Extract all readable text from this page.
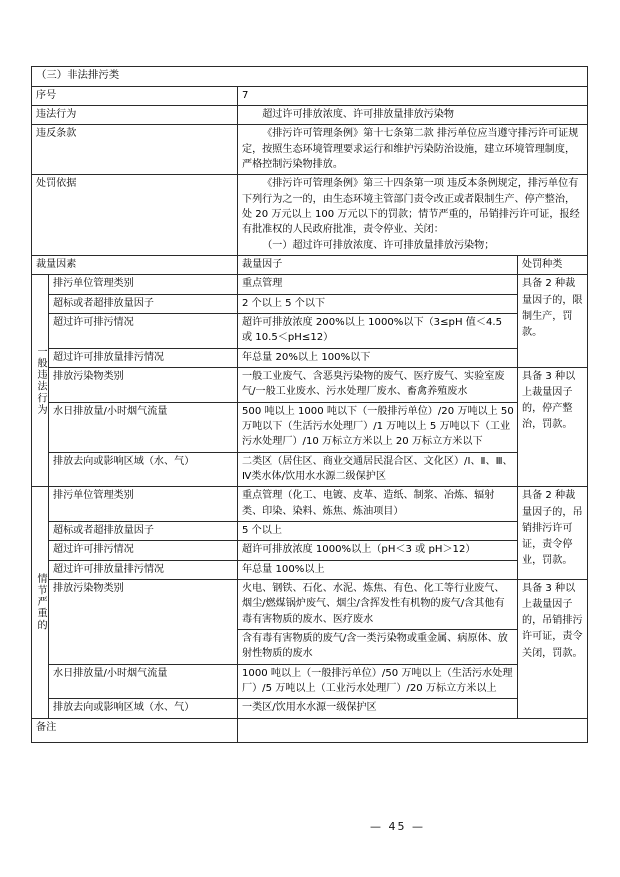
（三）非法排污类			
序号		7	
违法行为		超过许可排放浓度、许可排放量排放污染物	
违反条款		《排污许可管理条例》第十七条第二款 排污单位应当遵守排污许可证规定，按照生态环境管理要求运行和维护污染防治设施，建立环境管理制度，严格控制污染物排放。	
处罚依据		《排污许可管理条例》第三十四条第一项 违反本条例规定，排污单位有下列行为之一的，由生态环境主管部门责令改正或者限制生产、停产整治，处 20 万元以上 100 万元以下的罚款；情节严重的，吊销排污许可证，报经有批准权的人民政府批准，责令停业、关闭：
（一）超过许可排放浓度、许可排放量排放污染物；	

裁量因素		裁量因子	处罚种类
一般违法行为	排污单位管理类别	重点管理	具备 2 种裁量因子的，限制生产，罚款。
	超标或者超排放量因子	2 个以上 5 个以下	
	超过许可排污情况	超许可排放浓度 200%以上 1000%以下（3≤pH 值＜4.5 或 10.5＜pH≤12）	
	超过许可排放量排污情况	年总量 20%以上 100%以下	
	排放污染物类别	一般工业废气、含恶臭污染物的废气、医疗废气、实验室废气/一般工业废水、污水处理厂废水、畜禽养殖废水	具备 3 种以上裁量因子的，停产整治，罚款。
	水日排放量/小时烟气流量	500 吨以上 1000 吨以下（一般排污单位）/20 万吨以上 50 万吨以下（生活污水处理厂）/1 万吨以上 5 万吨以下（工业污水处理厂）/10 万标立方米以上 20 万标立方米以下	
	排放去向或影响区域（水、气）	二类区（居住区、商业交通居民混合区、文化区）/Ⅰ、Ⅱ、Ⅲ、Ⅳ类水体/饮用水水源二级保护区	
情节严重的	排污单位管理类别	重点管理（化工、电镀、皮革、造纸、制浆、冶炼、辐射类、印染、染料、炼焦、炼油项目）	具备 2 种裁量因子的，吊销排污许可证，责令停业，罚款。
	超标或者超排放量因子	5 个以上	
	超过许可排污情况	超许可排放浓度 1000%以上（pH＜3 或 pH＞12）	
	超过许可排放量排污情况	年总量 100%以上	
	排放污染物类别	火电、钢铁、石化、水泥、炼焦、有色、化工等行业废气、烟尘/燃煤锅炉废气、烟尘/含挥发性有机物的废气/含其他有毒有害物质的废水、医疗废水	具备 3 种以上裁量因子的，吊销排污许可证，责令关闭，罚款。
		含有毒有害物质的废气/含一类污染物或重金属、病原体、放射性物质的废水	
	水日排放量/小时烟气流量	1000 吨以上（一般排污单位）/50 万吨以上（生活污水处理厂）/5 万吨以上（工业污水处理厂）/20 万标立方米以上	
	排放去向或影响区域（水、气）	一类区/饮用水水源一级保护区	
备注			
— 45 —
